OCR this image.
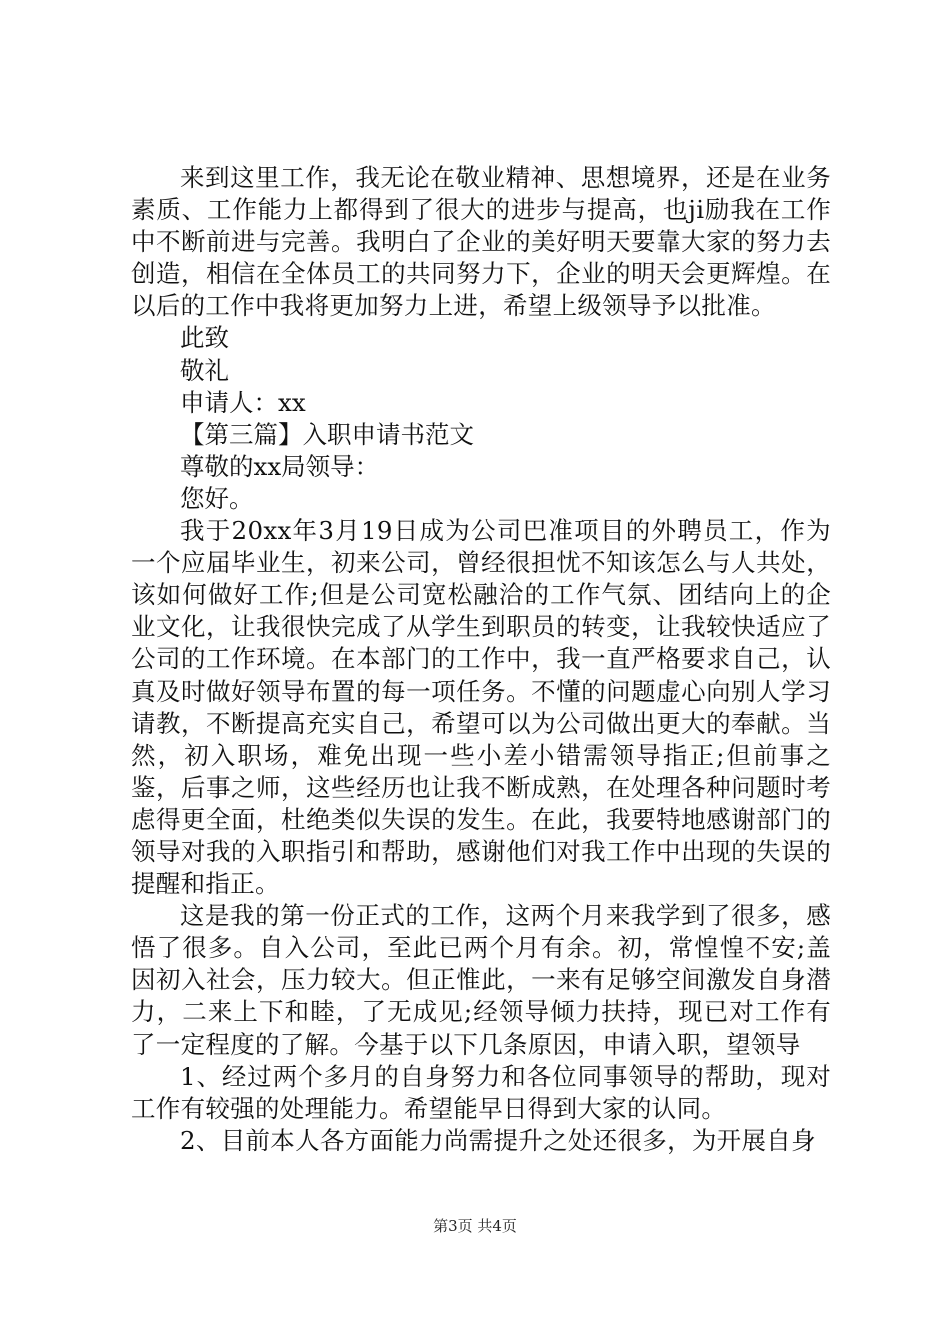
来到这里工作，我无论在敬业精神、思想境界，还是在业务素质、工作能力上都得到了很大的进步与提高，也ji励我在工作中不断前进与完善。我明白了企业的美好明天要靠大家的努力去创造，相信在全体员工的共同努力下，企业的明天会更辉煌。在以后的工作中我将更加努力上进，希望上级领导予以批准。

此致

敬礼

申请人：xx

【第三篇】入职申请书范文

尊敬的xx局领导：

您好。

我于20xx年3月19日成为公司巴准项目的外聘员工，作为一个应届毕业生，初来公司，曾经很担忧不知该怎么与人共处，该如何做好工作;但是公司宽松融洽的工作气氛、团结向上的企业文化，让我很快完成了从学生到职员的转变，让我较快适应了公司的工作环境。在本部门的工作中，我一直严格要求自己，认真及时做好领导布置的每一项任务。不懂的问题虚心向别人学习请教，不断提高充实自己，希望可以为公司做出更大的奉献。当然，初入职场，难免出现一些小差小错需领导指正;但前事之鉴，后事之师，这些经历也让我不断成熟，在处理各种问题时考虑得更全面，杜绝类似失误的发生。在此，我要特地感谢部门的领导对我的入职指引和帮助，感谢他们对我工作中出现的失误的提醒和指正。

这是我的第一份正式的工作，这两个月来我学到了很多，感悟了很多。自入公司，至此已两个月有余。初，常惶惶不安;盖因初入社会，压力较大。但正惟此，一来有足够空间激发自身潜力，二来上下和睦，了无成见;经领导倾力扶持，现已对工作有了一定程度的了解。今基于以下几条原因，申请入职，望领导

1、经过两个多月的自身努力和各位同事领导的帮助，现对工作有较强的处理能力。希望能早日得到大家的认同。

2、目前本人各方面能力尚需提升之处还很多，为开展自身

第3页 共4页
